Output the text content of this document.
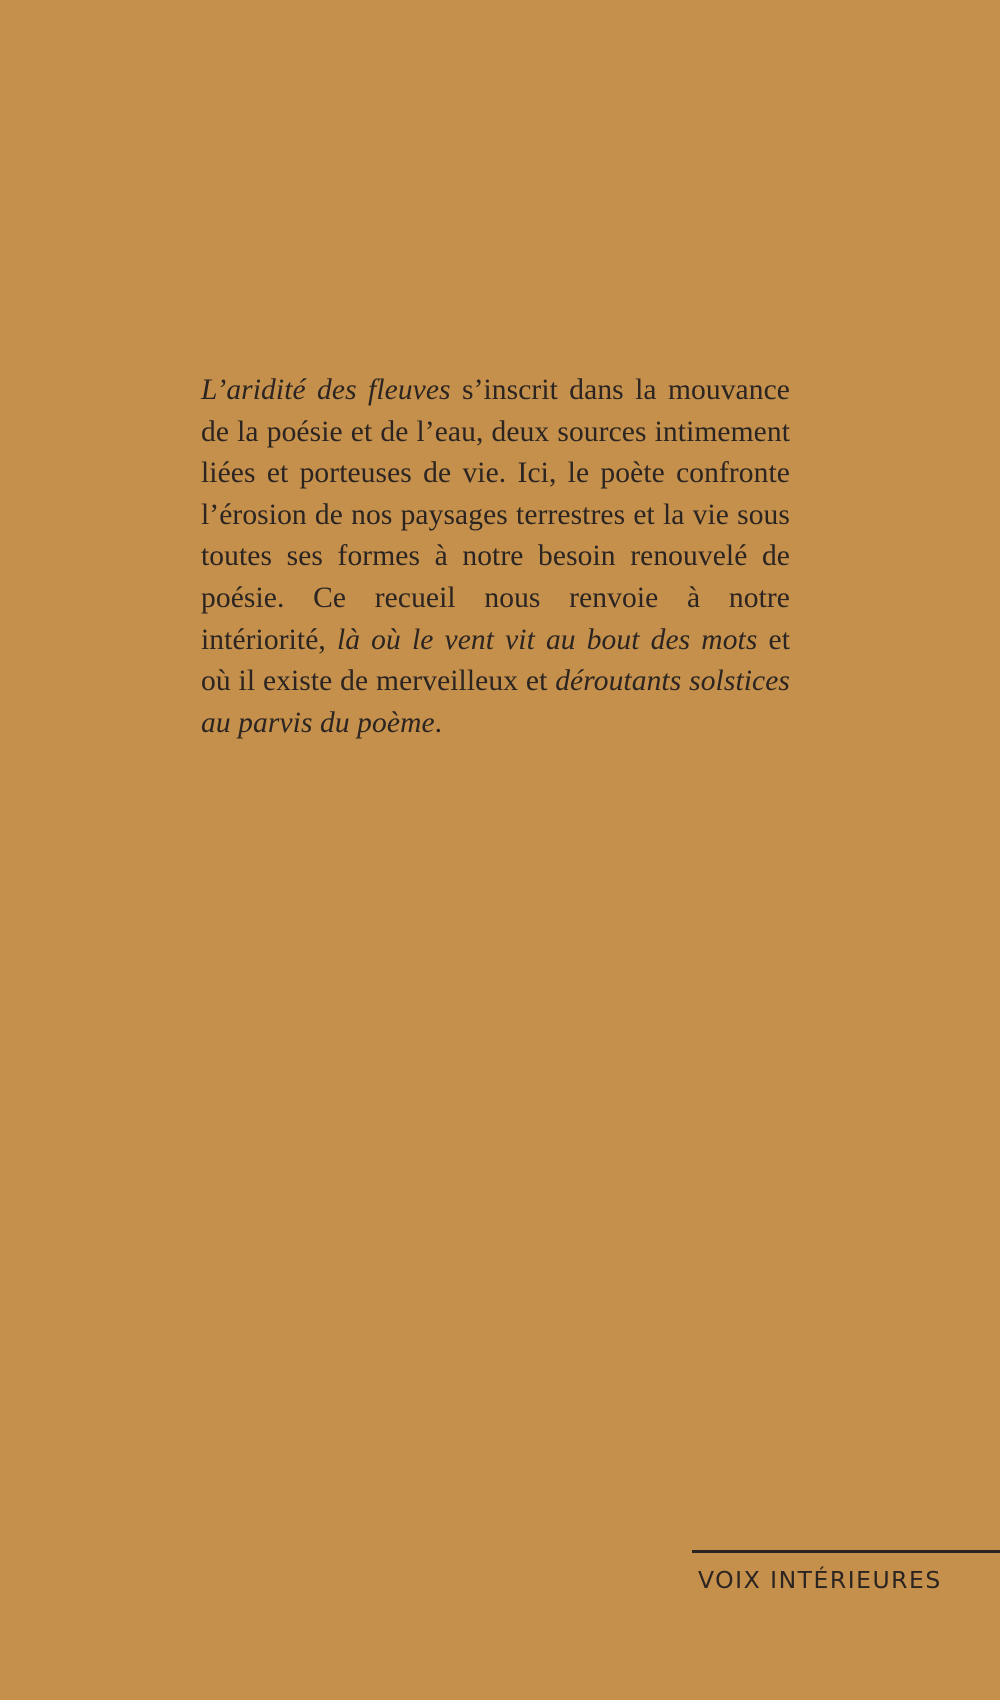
L’aridité des fleuves s’inscrit dans la mouvance de la poésie et de l’eau, deux sources intimement liées et porteuses de vie. Ici, le poète confronte l’érosion de nos paysages terrestres et la vie sous toutes ses formes à notre besoin renouvelé de poésie. Ce recueil nous renvoie à notre intériorité, là où le vent vit au bout des mots et où il existe de merveilleux et déroutants solstices au parvis du poème.

VOIX INTÉRIEURES
